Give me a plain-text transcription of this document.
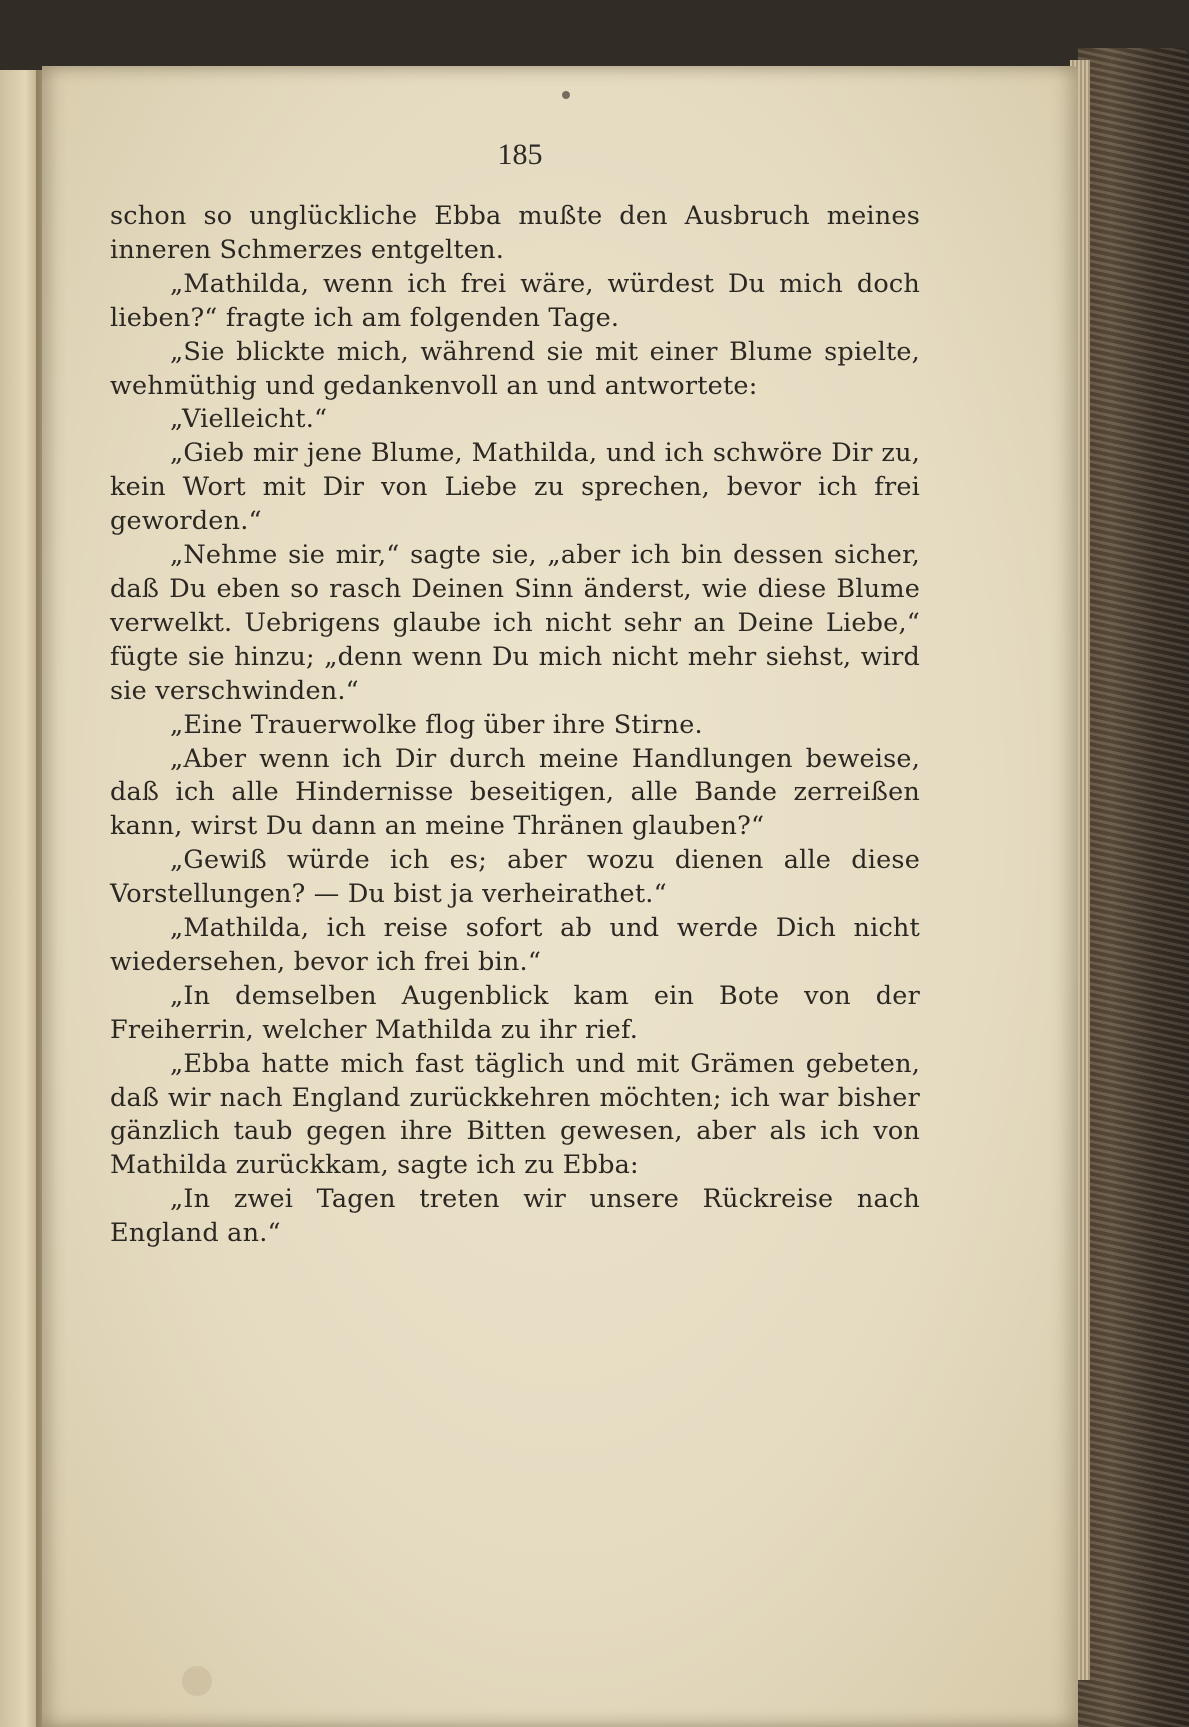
185

schon so unglückliche Ebba mußte den Ausbruch meines inneren Schmerzes entgelten.

„Mathilda, wenn ich frei wäre, würdest Du mich doch lieben?“ fragte ich am folgenden Tage.

„Sie blickte mich, während sie mit einer Blume spielte, wehmüthig und gedankenvoll an und antwortete:

„Vielleicht.“

„Gieb mir jene Blume, Mathilda, und ich schwöre Dir zu, kein Wort mit Dir von Liebe zu sprechen, bevor ich frei geworden.“

„Nehme sie mir,“ sagte sie, „aber ich bin dessen sicher, daß Du eben so rasch Deinen Sinn änderst, wie diese Blume verwelkt. Uebrigens glaube ich nicht sehr an Deine Liebe,“ fügte sie hinzu; „denn wenn Du mich nicht mehr siehst, wird sie verschwinden.“

„Eine Trauerwolke flog über ihre Stirne.

„Aber wenn ich Dir durch meine Handlungen beweise, daß ich alle Hindernisse beseitigen, alle Bande zerreißen kann, wirst Du dann an meine Thränen glauben?“

„Gewiß würde ich es; aber wozu dienen alle diese Vorstellungen? — Du bist ja verheirathet.“

„Mathilda, ich reise sofort ab und werde Dich nicht wiedersehen, bevor ich frei bin.“

„In demselben Augenblick kam ein Bote von der Freiherrin, welcher Mathilda zu ihr rief.

„Ebba hatte mich fast täglich und mit Grämen gebeten, daß wir nach England zurückkehren möchten; ich war bisher gänzlich taub gegen ihre Bitten gewesen, aber als ich von Mathilda zurückkam, sagte ich zu Ebba:

„In zwei Tagen treten wir unsere Rückreise nach England an.“
